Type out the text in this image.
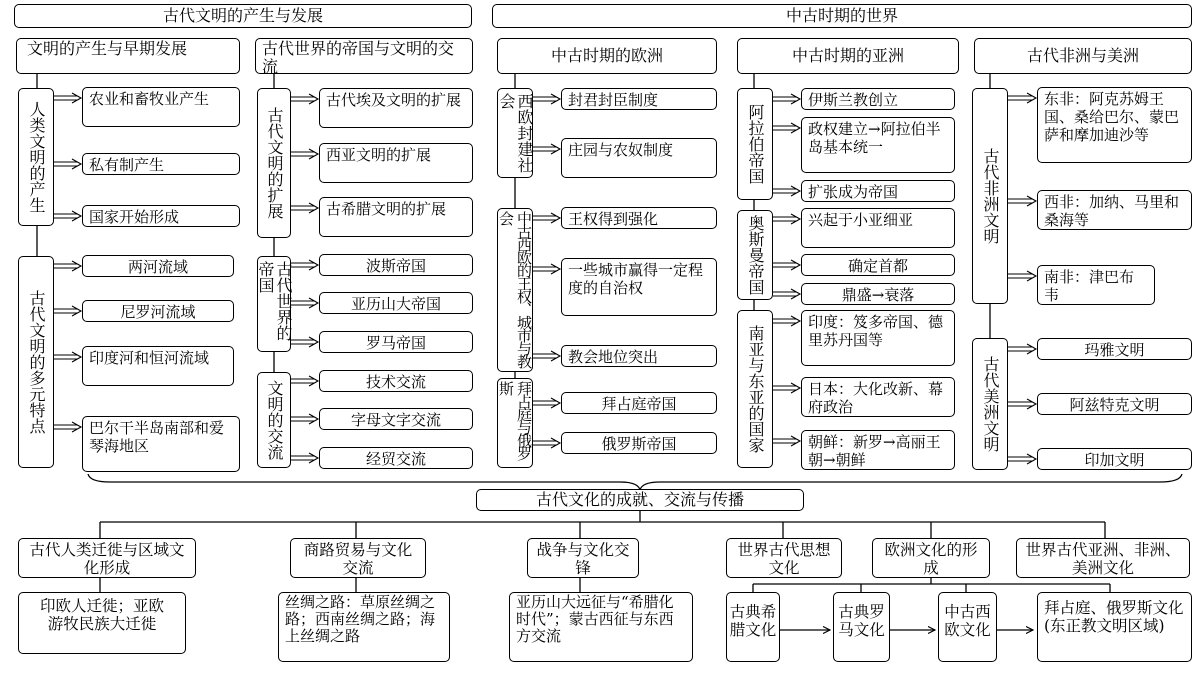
古代文明的产生与发展	中古时期的世界
文明的产生与早期发展	古代世界的帝国与文明的交流
人类文明的产生
农业和畜牧业产生
私有制产生
国家开始形成
古代文明的多元特点
两河流域
尼罗河流域
印度河和恒河流域
巴尔干半岛南部和爱琴海地区
古代文明的扩展
古代埃及文明的扩展
西亚文明的扩展
古希腊文明的扩展
古代世界的帝国	波斯帝国
亚历山大帝国
罗马帝国
文明的交流	技术交流
字母文字交流
经贸交流
中古时期的欧洲
西欧封建社会	封君封臣制度
庄园与农奴制度
中古西欧的王权、城市与教会	王权得到强化
一些城市赢得一定程度的自治权
教会地位突出
拜占庭与俄罗斯
拜占庭帝国
俄罗斯帝国
中古时期的亚洲
阿拉伯帝国
伊斯兰教创立
政权建立→阿拉伯半岛基本统一
扩张成为帝国
奥斯曼帝国	兴起于小亚细亚
确定首都
鼎盛→衰落
南亚与东亚的国家
印度：笈多帝国、德里苏丹国等
日本：大化改新、幕府政治
朝鲜：新罗→高丽王朝→朝鲜
古代非洲与美洲
古代非洲文明
东非：阿克苏姆王国、桑给巴尔、蒙巴萨和摩加迪沙等
西非：加纳、马里和桑海等
南非：津巴布韦
古代美洲文明
玛雅文明
阿兹特克文明
印加文明
古代文化的成就、交流与传播
古代人类迁徙与区域文化形成
商路贸易与文化交流
战争与文化交锋
世界古代思想文化
欧洲文化的形成
世界古代亚洲、非洲、美洲文化
印欧人迁徙；亚欧游牧民族大迁徙
丝绸之路：草原丝绸之路；西南丝绸之路；海上丝绸之路
亚历山大远征与“希腊化时代”；蒙古西征与东西方交流
古典希腊文化
古典罗马文化
中古西欧文化
拜占庭、俄罗斯文化(东正教文明区域)
